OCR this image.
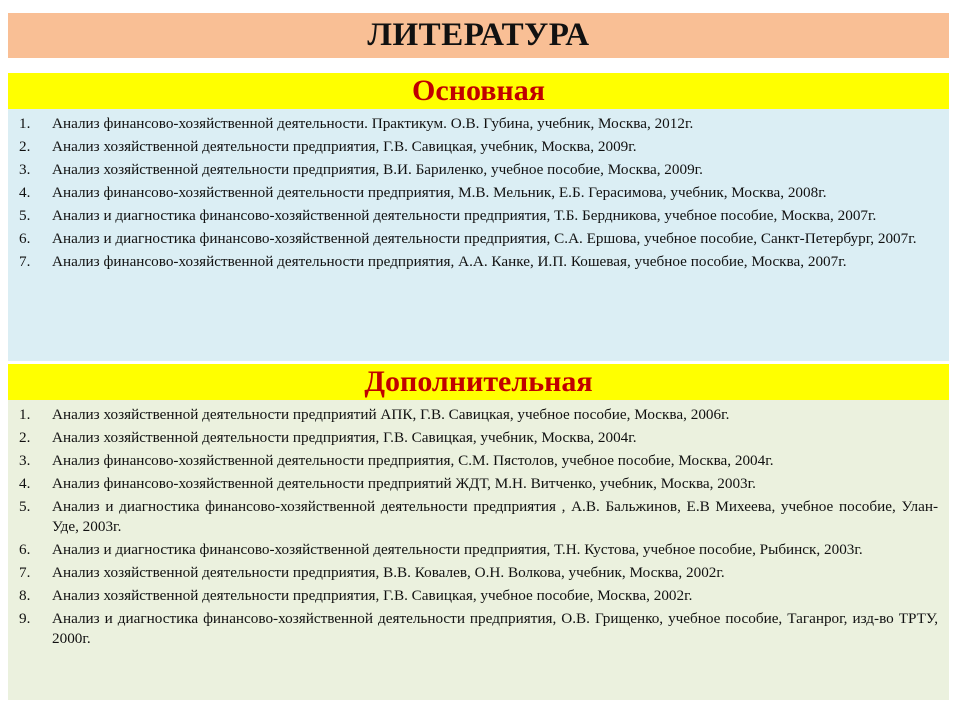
ЛИТЕРАТУРА
Основная
1.	Анализ финансово-хозяйственной деятельности. Практикум. О.В. Губина, учебник, Москва, 2012г.
2.	Анализ хозяйственной деятельности предприятия, Г.В. Савицкая, учебник, Москва, 2009г.
3.	Анализ хозяйственной деятельности предприятия, В.И. Бариленко, учебное пособие, Москва, 2009г.
4.	Анализ финансово-хозяйственной деятельности предприятия, М.В. Мельник, Е.Б. Герасимова, учебник, Москва, 2008г.
5.	Анализ и диагностика финансово-хозяйственной деятельности предприятия, Т.Б. Бердникова, учебное пособие, Москва, 2007г.
6.	Анализ и диагностика финансово-хозяйственной деятельности предприятия, С.А. Ершова, учебное пособие, Санкт-Петербург, 2007г.
7.	Анализ финансово-хозяйственной деятельности предприятия, А.А. Канке, И.П. Кошевая, учебное пособие, Москва, 2007г.
Дополнительная
1.	Анализ хозяйственной деятельности предприятий АПК, Г.В. Савицкая, учебное пособие, Москва, 2006г.
2.	Анализ хозяйственной деятельности предприятия, Г.В. Савицкая, учебник, Москва, 2004г.
3.	Анализ финансово-хозяйственной деятельности предприятия, С.М. Пястолов, учебное пособие, Москва, 2004г.
4.	Анализ финансово-хозяйственной деятельности предприятий ЖДТ, М.Н. Витченко, учебник, Москва, 2003г.
5.	Анализ и диагностика финансово-хозяйственной деятельности предприятия , А.В. Бальжинов, Е.В Михеева, учебное пособие, Улан-Уде, 2003г.
6.	Анализ и диагностика финансово-хозяйственной деятельности предприятия, Т.Н. Кустова, учебное пособие, Рыбинск, 2003г.
7.	Анализ хозяйственной деятельности предприятия, В.В. Ковалев, О.Н. Волкова, учебник, Москва, 2002г.
8.	Анализ хозяйственной деятельности предприятия, Г.В. Савицкая, учебное пособие, Москва, 2002г.
9.	Анализ и диагностика финансово-хозяйственной деятельности предприятия, О.В. Грищенко, учебное пособие, Таганрог, изд-во ТРТУ, 2000г.
